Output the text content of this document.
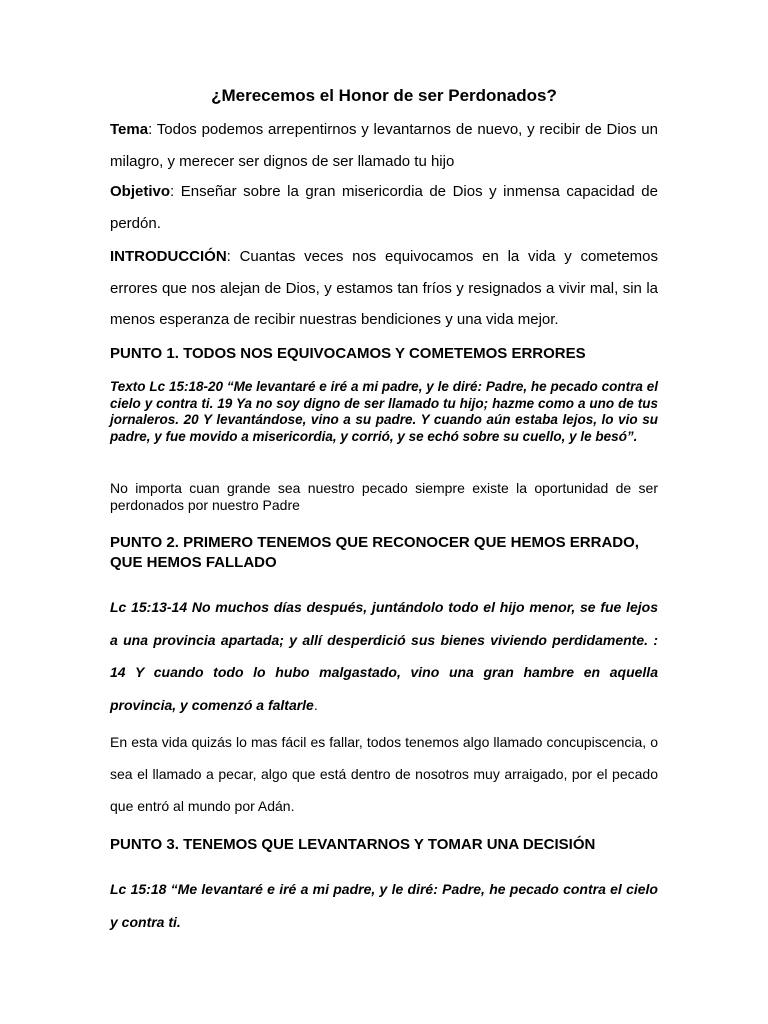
¿Merecemos el Honor de ser Perdonados?

Tema: Todos podemos arrepentirnos y levantarnos de nuevo, y recibir de Dios un milagro, y merecer ser dignos de ser llamado tu hijo

Objetivo: Enseñar sobre la gran misericordia de Dios y inmensa capacidad de perdón.

INTRODUCCIÓN: Cuantas veces nos equivocamos en la vida y cometemos errores que nos alejan de Dios, y estamos tan fríos y resignados a vivir mal, sin la menos esperanza de recibir nuestras bendiciones y una vida mejor.

PUNTO 1. TODOS NOS EQUIVOCAMOS Y COMETEMOS ERRORES

Texto Lc 15:18-20 “Me levantaré e iré a mi padre, y le diré: Padre, he pecado contra el cielo y contra ti. 19 Ya no soy digno de ser llamado tu hijo; hazme como a uno de tus jornaleros. 20 Y levantándose, vino a su padre. Y cuando aún estaba lejos, lo vio su padre, y fue movido a misericordia, y corrió, y se echó sobre su cuello, y le besó”.

No importa cuan grande sea nuestro pecado siempre existe la oportunidad de ser perdonados por nuestro Padre

PUNTO 2. PRIMERO TENEMOS QUE RECONOCER QUE HEMOS ERRADO, QUE HEMOS FALLADO

Lc 15:13-14 No muchos días después, juntándolo todo el hijo menor, se fue lejos a una provincia apartada; y allí desperdició sus bienes viviendo perdidamente. : 14 Y cuando todo lo hubo malgastado, vino una gran hambre en aquella provincia, y comenzó a faltarle.

En esta vida quizás lo mas fácil es fallar, todos tenemos algo llamado concupiscencia, o sea el llamado a pecar, algo que está dentro de nosotros muy arraigado, por el pecado que entró al mundo por Adán.

PUNTO 3. TENEMOS QUE LEVANTARNOS Y TOMAR UNA DECISIÓN

Lc 15:18 “Me levantaré e iré a mi padre, y le diré: Padre, he pecado contra el cielo y contra ti.
